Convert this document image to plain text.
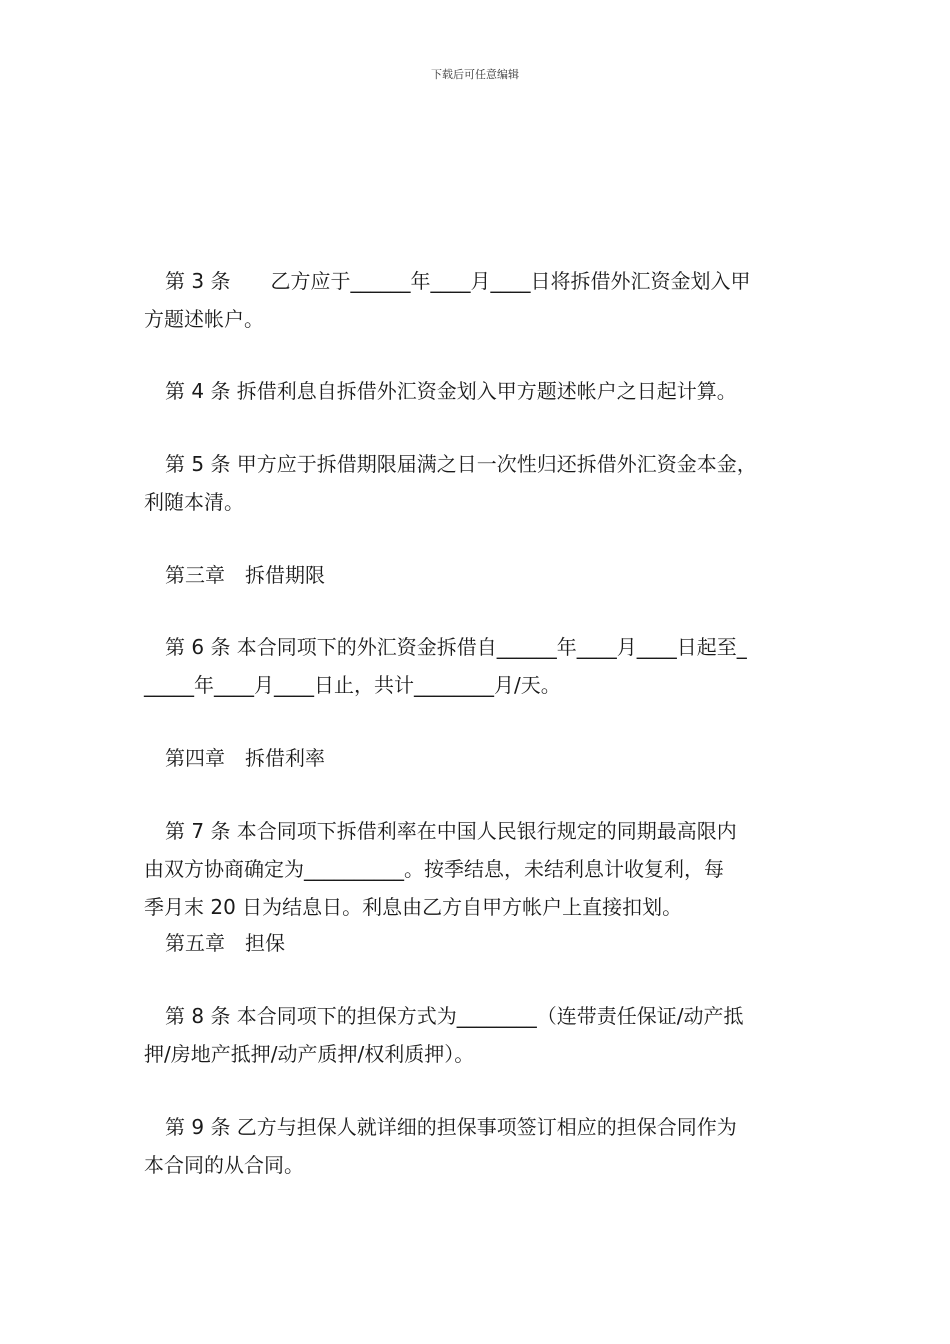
下载后可任意编辑
第 3 条　　乙方应于______年____月____日将拆借外汇资金划入甲
方题述帐户。
第 4 条 拆借利息自拆借外汇资金划入甲方题述帐户之日起计算。
第 5 条 甲方应于拆借期限届满之日一次性归还拆借外汇资金本金，
利随本清。
第三章　拆借期限
第 6 条 本合同项下的外汇资金拆借自______年____月____日起至_
_____年____月____日止，共计________月/天。
第四章　拆借利率
第 7 条 本合同项下拆借利率在中国人民银行规定的同期最高限内
由双方协商确定为__________。按季结息，未结利息计收复利，每
季月末 20 日为结息日。利息由乙方自甲方帐户上直接扣划。
第五章　担保
第 8 条 本合同项下的担保方式为________（连带责任保证/动产抵
押/房地产抵押/动产质押/权利质押）。
第 9 条 乙方与担保人就详细的担保事项签订相应的担保合同作为
本合同的从合同。
